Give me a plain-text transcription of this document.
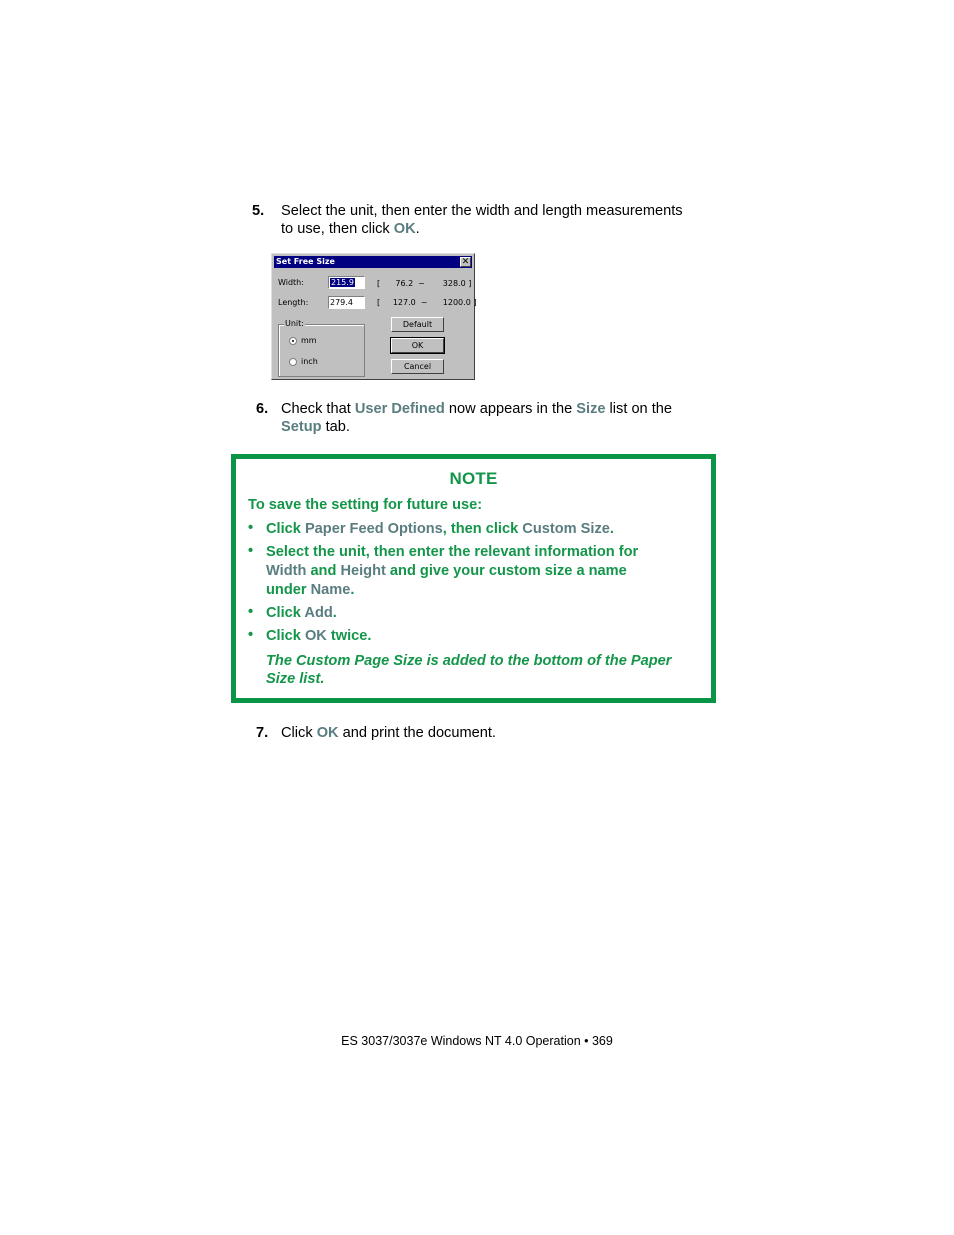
5. Select the unit, then enter the width and length measurements
to use, then click OK.
Set Free Size	✕
Width:	215.9	[      76.2  ~       328.0 ]
Length:	279.4	[     127.0  ~      1200.0 ]
Unit:
mm
inch
Default
OK
Cancel
6. Check that User Defined now appears in the Size list on the
Setup tab.
NOTE
To save the setting for future use:
• Click Paper Feed Options, then click Custom Size.
• Select the unit, then enter the relevant information for
Width and Height and give your custom size a name
under Name.
• Click Add.
• Click OK twice.
The Custom Page Size is added to the bottom of the Paper
Size list.
7. Click OK and print the document.
ES 3037/3037e Windows NT 4.0 Operation • 369
